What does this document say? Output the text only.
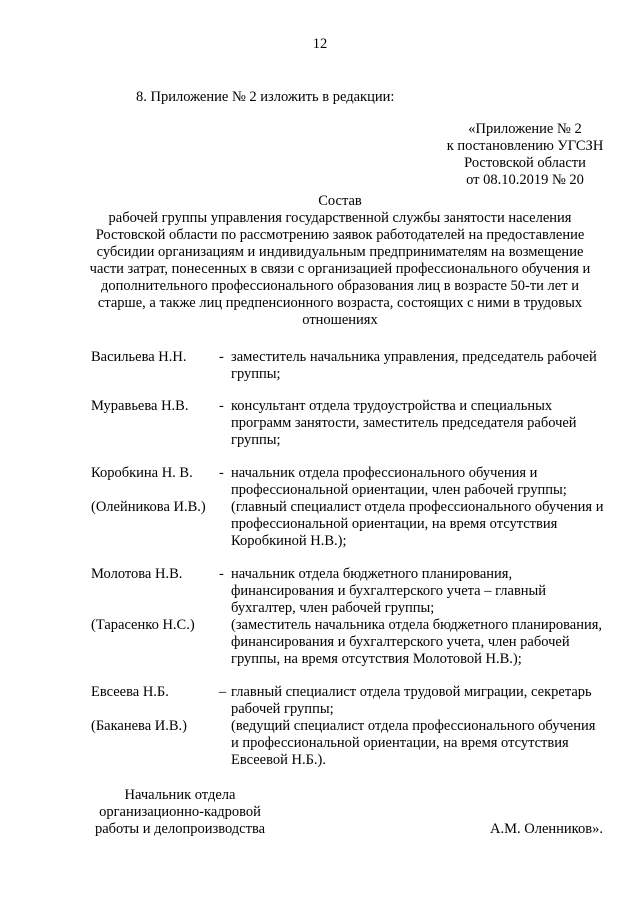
12
8. Приложение № 2 изложить в редакции:
«Приложение № 2
к постановлению УГСЗН
Ростовской области
от 08.10.2019 № 20
Состав
рабочей группы управления государственной службы занятости населения
Ростовской области по рассмотрению заявок работодателей на предоставление
субсидии организациям и индивидуальным предпринимателям на возмещение
части затрат, понесенных в связи с организацией профессионального обучения и
дополнительного профессионального образования лиц в возрасте 50-ти лет и
старше, а также лиц предпенсионного возраста, состоящих с ними в трудовых
отношениях
Васильева Н.Н. - заместитель начальника управления, председатель рабочей
группы;
Муравьева Н.В. - консультант отдела трудоустройства и специальных
программ занятости, заместитель председателя рабочей
группы;
Коробкина Н. В. - начальник отдела профессионального обучения и
профессиональной ориентации, член рабочей группы;
(Олейникова И.В.) (главный специалист отдела профессионального обучения и
профессиональной ориентации, на время отсутствия
Коробкиной Н.В.);
Молотова Н.В.	- начальник отдела бюджетного планирования,
финансирования и бухгалтерского учета – главный
бухгалтер, член рабочей группы;
(Тарасенко Н.С.)	(заместитель начальника отдела бюджетного планирования,
финансирования и бухгалтерского учета, член рабочей
группы, на время отсутствия Молотовой Н.В.);
Евсеева Н.Б.	– главный специалист отдела трудовой миграции, секретарь
рабочей группы;
(Баканева И.В.)	(ведущий специалист отдела профессионального обучения
и профессиональной ориентации, на время отсутствия
Евсеевой Н.Б.).
Начальник отдела
организационно-кадровой
работы и делопроизводства	А.М. Оленников».
